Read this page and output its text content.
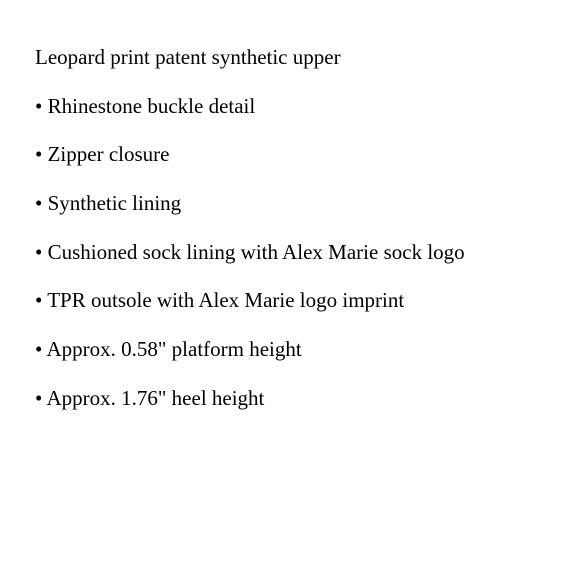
Leopard print patent synthetic upper
• Rhinestone buckle detail
• Zipper closure
• Synthetic lining
• Cushioned sock lining with Alex Marie sock logo
• TPR outsole with Alex Marie logo imprint
• Approx. 0.58" platform height
• Approx. 1.76" heel height
